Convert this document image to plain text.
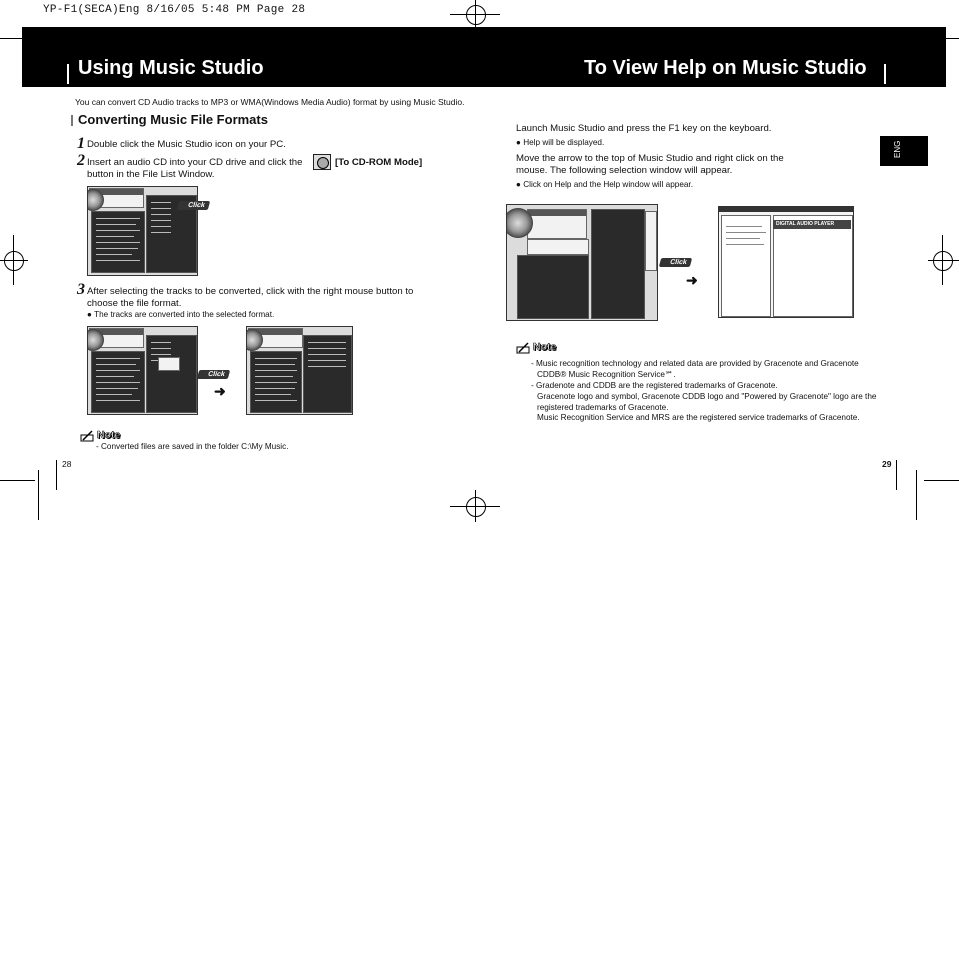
YP-F1(SECA)Eng 8/16/05 5:48 PM Page 28
Using Music Studio	To View Help on Music Studio
You can convert CD Audio tracks to MP3 or WMA(Windows Media Audio) format by using Music Studio.
Converting Music File Formats
1 Double click the Music Studio icon on your PC.
2 Insert an audio CD into your CD drive and click the	[To CD-ROM Mode]
button in the File List Window.
Click
3 After selecting the tracks to be converted, click with the right mouse button to
choose the file format.
● The tracks are converted into the selected format.
Click
➜
Note
- Converted files are saved in the folder C:\My Music.
28
Launch Music Studio and press the F1 key on the keyboard.
● Help will be displayed.
Move the arrow to the top of Music Studio and right click on the
mouse. The following selection window will appear.
● Click on Help and the Help window will appear.
Click
➜
DIGITAL AUDIO PLAYER
Note
- Music recognition technology and related data are provided by Gracenote and Gracenote
CDDB® Music Recognition Service℠.
- Gradenote and CDDB are the registered trademarks of Gracenote.
Gracenote logo and symbol, Gracenote CDDB logo and "Powered by Gracenote" logo are the
registered trademarks of Gracenote.
Music Recognition Service and MRS are the registered service trademarks of Gracenote.
ENG
29
